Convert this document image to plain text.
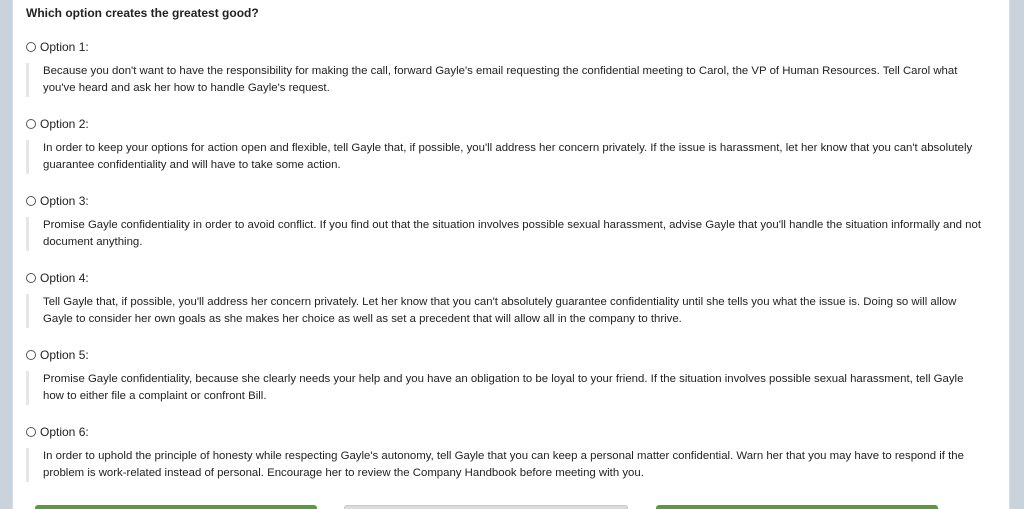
Which option creates the greatest good?
Option 1:
Because you don't want to have the responsibility for making the call, forward Gayle's email requesting the confidential meeting to Carol, the VP of Human Resources. Tell Carol what you've heard and ask her how to handle Gayle's request.
Option 2:
In order to keep your options for action open and flexible, tell Gayle that, if possible, you'll address her concern privately. If the issue is harassment, let her know that you can't absolutely guarantee confidentiality and will have to take some action.
Option 3:
Promise Gayle confidentiality in order to avoid conflict. If you find out that the situation involves possible sexual harassment, advise Gayle that you'll handle the situation informally and not document anything.
Option 4:
Tell Gayle that, if possible, you'll address her concern privately. Let her know that you can't absolutely guarantee confidentiality until she tells you what the issue is. Doing so will allow Gayle to consider her own goals as she makes her choice as well as set a precedent that will allow all in the company to thrive.
Option 5:
Promise Gayle confidentiality, because she clearly needs your help and you have an obligation to be loyal to your friend. If the situation involves possible sexual harassment, tell Gayle how to either file a complaint or confront Bill.
Option 6:
In order to uphold the principle of honesty while respecting Gayle's autonomy, tell Gayle that you can keep a personal matter confidential. Warn her that you may have to respond if the problem is work-related instead of personal. Encourage her to review the Company Handbook before meeting with you.
